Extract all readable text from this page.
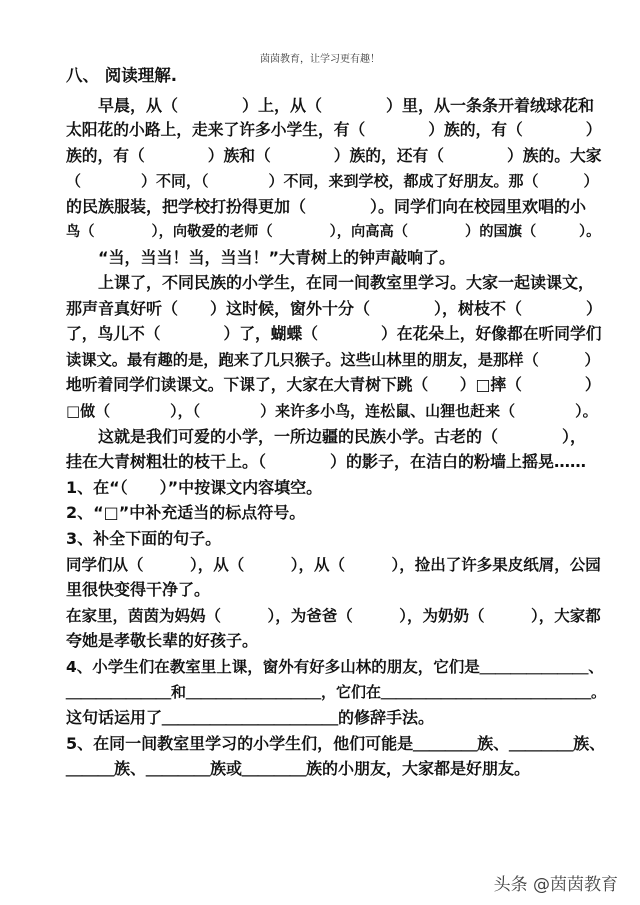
茵茵教育，让学习更有趣！
八、 阅读理解.
　　早晨，从（　　　　）上，从（　　　　）里，从一条条开着绒球花和
太阳花的小路上，走来了许多小学生，有（　　　　）族的，有（　　　　）
族的，有（　　　　）族和（　　　　）族的，还有（　　　　）族的。大家
（　　　　）不同，（　　　　）不同，来到学校，都成了好朋友。那（　　　）
的民族服装，把学校打扮得更加（　　　　）。同学们向在校园里欢唱的小
鸟（　　　　），向敬爱的老师（　　　　），向高高（　　　　）的国旗（　　　）。
　　“当，当当！当，当当！”大青树上的钟声敲响了。
　　上课了，不同民族的小学生，在同一间教室里学习。大家一起读课文，
那声音真好听（　　）这时候，窗外十分（　　　　），树枝不（　　　　）
了，鸟儿不（　　　　）了，蝴蝶（　　　　）在花朵上，好像都在听同学们
读课文。最有趣的是，跑来了几只猴子。这些山林里的朋友，是那样（　　　）
地听着同学们读课文。下课了，大家在大青树下跳（　　）□摔（　　　　）
□做（　　　　），（　　　　）来许多小鸟，连松鼠、山狸也赶来（　　　　）。
　　这就是我们可爱的小学，一所边疆的民族小学。古老的（　　　　），
挂在大青树粗壮的枝干上。（　　　　）的影子，在洁白的粉墙上摇晃……
1、在“（　　）”中按课文内容填空。
2、“□”中补充适当的标点符号。
3、补全下面的句子。
同学们从（　　　），从（　　　），从（　　　），捡出了许多果皮纸屑，公园
里很快变得干净了。
在家里，茵茵为妈妈（　　　），为爸爸（　　　），为奶奶（　　　），大家都
夸她是孝敬长辈的好孩子。
4、小学生们在教室里上课，窗外有好多山林的朋友，它们是＿＿＿＿＿＿＿、
＿＿＿＿＿＿＿和＿＿＿＿＿＿＿＿＿，它们在＿＿＿＿＿＿＿＿＿＿＿＿＿＿。
这句话运用了＿＿＿＿＿＿＿＿＿＿＿的修辞手法。
5、在同一间教室里学习的小学生们，他们可能是＿＿＿＿族、＿＿＿＿族、
＿＿＿族、＿＿＿＿族或＿＿＿＿族的小朋友，大家都是好朋友。
头条 @茵茵教育
